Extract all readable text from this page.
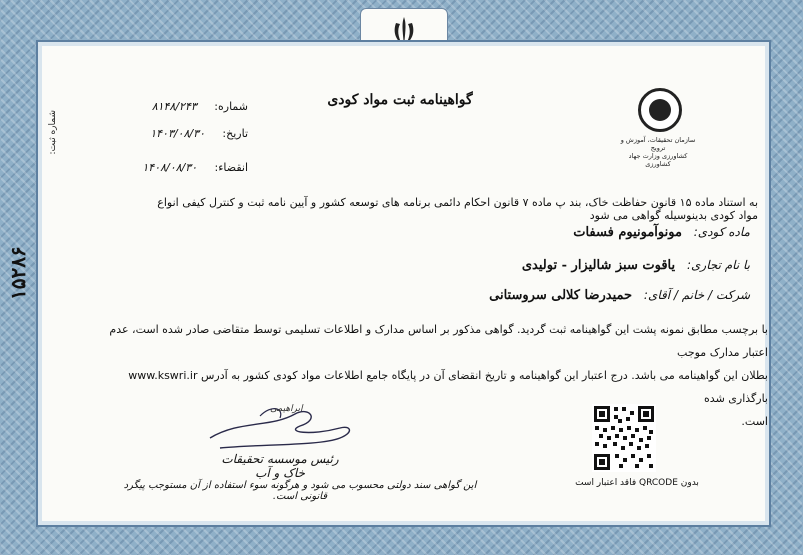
گواهینامه ثبت مواد کودی
شماره: ۸۱۴۸/۲۴۳
تاریخ: ۱۴۰۳/۰۸/۳۰
انقضاء: ۱۴۰۸/۰۸/۳۰
سازمان تحقیقات، آموزش و ترویج
کشاورزی وزارت جهاد کشاورزی
شماره ثبت:
۱۵۲۸۶
به استناد ماده ۱۵ قانون حفاظت خاک، بند پ ماده ۷ قانون احکام دائمی برنامه های توسعه کشور و آیین نامه ثبت و کنترل کیفی انواع مواد کودی بدینوسیله گواهی می شود
ماده کودی: مونوآمونیوم فسفات
با نام تجاری: یاقوت سبز شالیزار - تولیدی
شرکت / خانم / آقای: حمیدرضا کلالی سروستانی
با برچسب مطابق نمونه پشت این گواهینامه ثبت گردید. گواهی مذکور بر اساس مدارک و اطلاعات تسلیمی توسط متقاضی صادر شده است، عدم اعتبار مدارک موجب
بطلان این گواهینامه می باشد. درج اعتبار این گواهینامه و تاریخ انقضای آن در پایگاه جامع اطلاعات مواد کودی کشور به آدرس www.kswri.ir بارگذاری شده
است.
ابراهیمی
رئیس موسسه تحقیقات خاک و آب
این گواهی سند دولتی محسوب می شود و هرگونه سوء استفاده از آن مستوجب پیگرد قانونی است.
بدون QRCODE فاقد اعتبار است
